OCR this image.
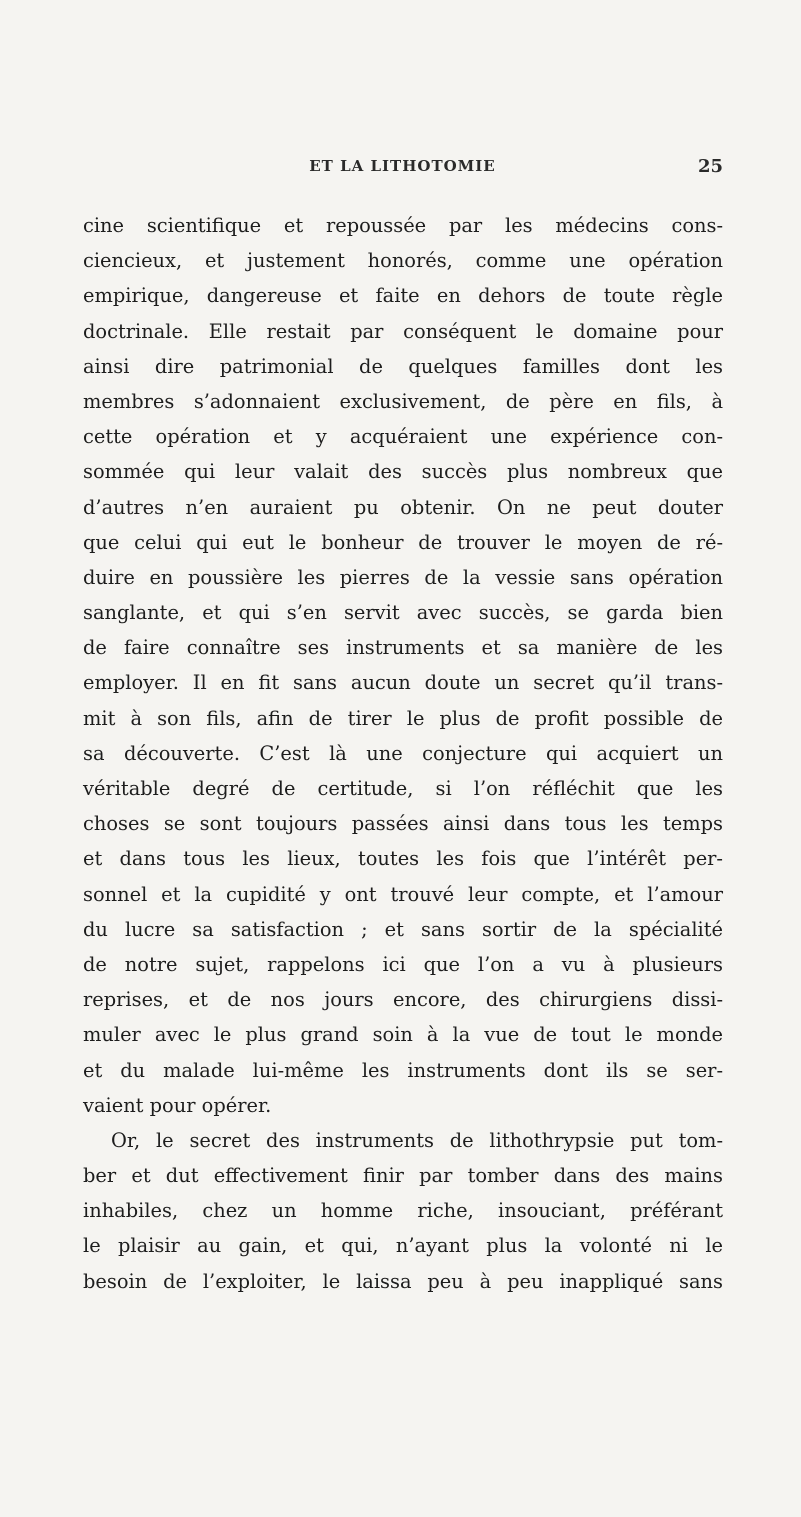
ET LA LITHOTOMIE	25
cine scientifique et repoussée par les médecins cons-
ciencieux, et justement honorés, comme une opération
empirique, dangereuse et faite en dehors de toute règle
doctrinale. Elle restait par conséquent le domaine pour
ainsi dire patrimonial de quelques familles dont les
membres s’adonnaient exclusivement, de père en fils, à
cette opération et y acquéraient une expérience con-
sommée qui leur valait des succès plus nombreux que
d’autres n’en auraient pu obtenir. On ne peut douter
que celui qui eut le bonheur de trouver le moyen de ré-
duire en poussière les pierres de la vessie sans opération
sanglante, et qui s’en servit avec succès, se garda bien
de faire connaître ses instruments et sa manière de les
employer. Il en fit sans aucun doute un secret qu’il trans-
mit à son fils, afin de tirer le plus de profit possible de
sa découverte. C’est là une conjecture qui acquiert un
véritable degré de certitude, si l’on réfléchit que les
choses se sont toujours passées ainsi dans tous les temps
et dans tous les lieux, toutes les fois que l’intérêt per-
sonnel et la cupidité y ont trouvé leur compte, et l’amour
du lucre sa satisfaction ; et sans sortir de la spécialité
de notre sujet, rappelons ici que l’on a vu à plusieurs
reprises, et de nos jours encore, des chirurgiens dissi-
muler avec le plus grand soin à la vue de tout le monde
et du malade lui-même les instruments dont ils se ser-
vaient pour opérer.
Or, le secret des instruments de lithothrypsie put tom-
ber et dut effectivement finir par tomber dans des mains
inhabiles, chez un homme riche, insouciant, préférant
le plaisir au gain, et qui, n’ayant plus la volonté ni le
besoin de l’exploiter, le laissa peu à peu inappliqué sans
